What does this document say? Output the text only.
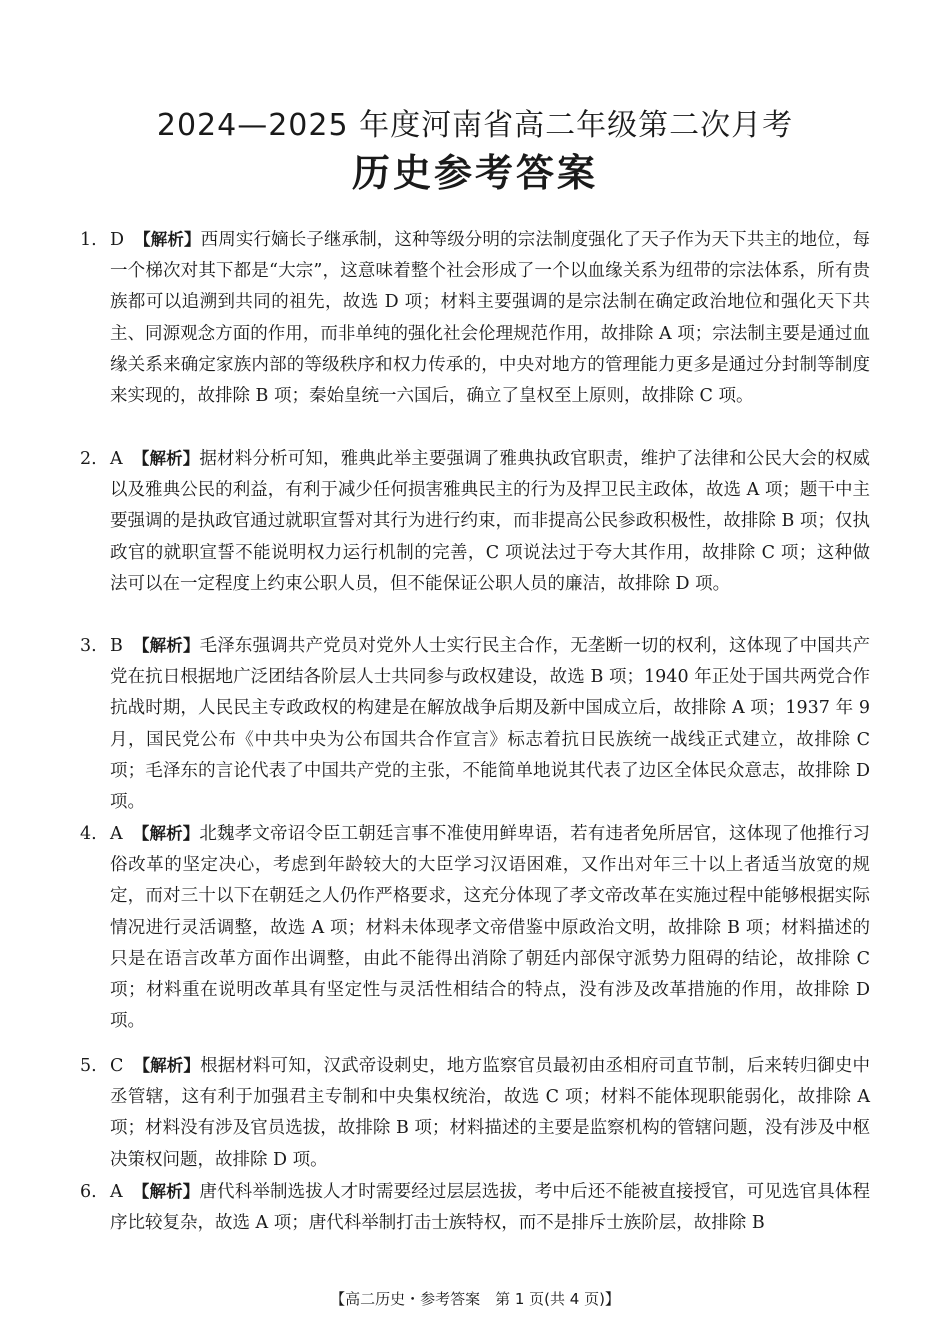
2024—2025 年度河南省高二年级第二次月考
历史参考答案
1. D 【解析】西周实行嫡长子继承制，这种等级分明的宗法制度强化了天子作为天下共主的地位，每一个梯次对其下都是“大宗”，这意味着整个社会形成了一个以血缘关系为纽带的宗法体系，所有贵族都可以追溯到共同的祖先，故选 D 项；材料主要强调的是宗法制在确定政治地位和强化天下共主、同源观念方面的作用，而非单纯的强化社会伦理规范作用，故排除 A 项；宗法制主要是通过血缘关系来确定家族内部的等级秩序和权力传承的，中央对地方的管理能力更多是通过分封制等制度来实现的，故排除 B 项；秦始皇统一六国后，确立了皇权至上原则，故排除 C 项。
2. A 【解析】据材料分析可知，雅典此举主要强调了雅典执政官职责，维护了法律和公民大会的权威以及雅典公民的利益，有利于减少任何损害雅典民主的行为及捍卫民主政体，故选 A 项；题干中主要强调的是执政官通过就职宣誓对其行为进行约束，而非提高公民参政积极性，故排除 B 项；仅执政官的就职宣誓不能说明权力运行机制的完善，C 项说法过于夸大其作用，故排除 C 项；这种做法可以在一定程度上约束公职人员，但不能保证公职人员的廉洁，故排除 D 项。
3. B 【解析】毛泽东强调共产党员对党外人士实行民主合作，无垄断一切的权利，这体现了中国共产党在抗日根据地广泛团结各阶层人士共同参与政权建设，故选 B 项；1940 年正处于国共两党合作抗战时期，人民民主专政政权的构建是在解放战争后期及新中国成立后，故排除 A 项；1937 年 9 月，国民党公布《中共中央为公布国共合作宣言》标志着抗日民族统一战线正式建立，故排除 C 项；毛泽东的言论代表了中国共产党的主张，不能简单地说其代表了边区全体民众意志，故排除 D 项。
4. A 【解析】北魏孝文帝诏令臣工朝廷言事不准使用鲜卑语，若有违者免所居官，这体现了他推行习俗改革的坚定决心，考虑到年龄较大的大臣学习汉语困难，又作出对年三十以上者适当放宽的规定，而对三十以下在朝廷之人仍作严格要求，这充分体现了孝文帝改革在实施过程中能够根据实际情况进行灵活调整，故选 A 项；材料未体现孝文帝借鉴中原政治文明，故排除 B 项；材料描述的只是在语言改革方面作出调整，由此不能得出消除了朝廷内部保守派势力阻碍的结论，故排除 C 项；材料重在说明改革具有坚定性与灵活性相结合的特点，没有涉及改革措施的作用，故排除 D 项。
5. C 【解析】根据材料可知，汉武帝设刺史，地方监察官员最初由丞相府司直节制，后来转归御史中丞管辖，这有利于加强君主专制和中央集权统治，故选 C 项；材料不能体现职能弱化，故排除 A 项；材料没有涉及官员选拔，故排除 B 项；材料描述的主要是监察机构的管辖问题，没有涉及中枢决策权问题，故排除 D 项。
6. A 【解析】唐代科举制选拔人才时需要经过层层选拔，考中后还不能被直接授官，可见选官具体程序比较复杂，故选 A 项；唐代科举制打击士族特权，而不是排斥士族阶层，故排除 B
【高二历史・参考答案　第 1 页(共 4 页)】
